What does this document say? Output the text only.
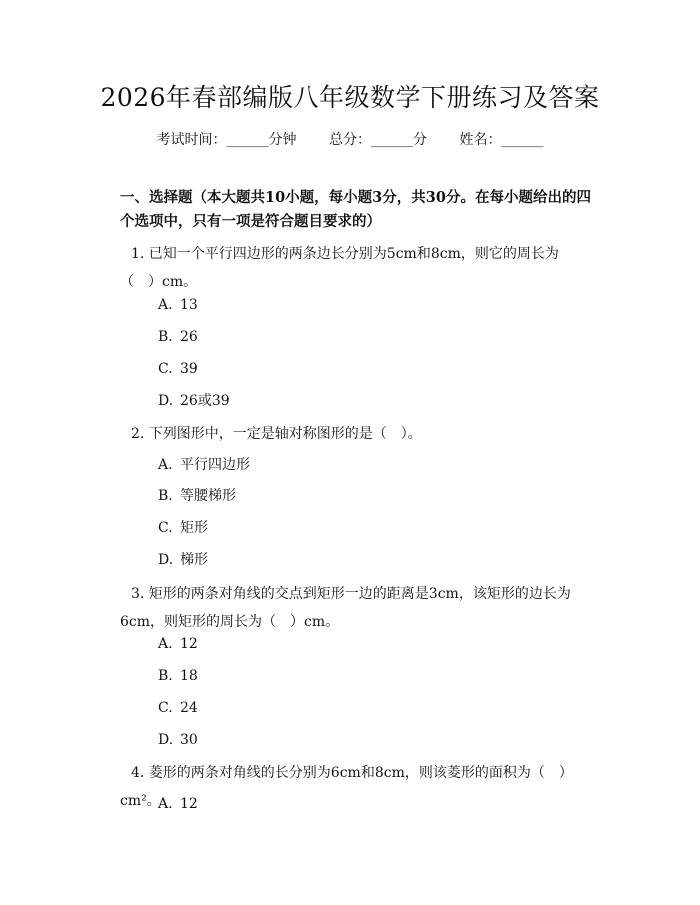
2026年春部编版八年级数学下册练习及答案
考试时间：______分钟 总分：______分 姓名：______
一、选择题（本大题共10小题，每小题3分，共30分。在每小题给出的四个选项中，只有一项是符合题目要求的）
1. 已知一个平行四边形的两条边长分别为5cm和8cm，则它的周长为（　）cm。
A. 13
B. 26
C. 39
D. 26或39
2. 下列图形中，一定是轴对称图形的是（　）。
A. 平行四边形
B. 等腰梯形
C. 矩形
D. 梯形
3. 矩形的两条对角线的交点到矩形一边的距离是3cm，该矩形的边长为6cm，则矩形的周长为（　）cm。
A. 12
B. 18
C. 24
D. 30
4. 菱形的两条对角线的长分别为6cm和8cm，则该菱形的面积为（　）cm²。
A. 12
